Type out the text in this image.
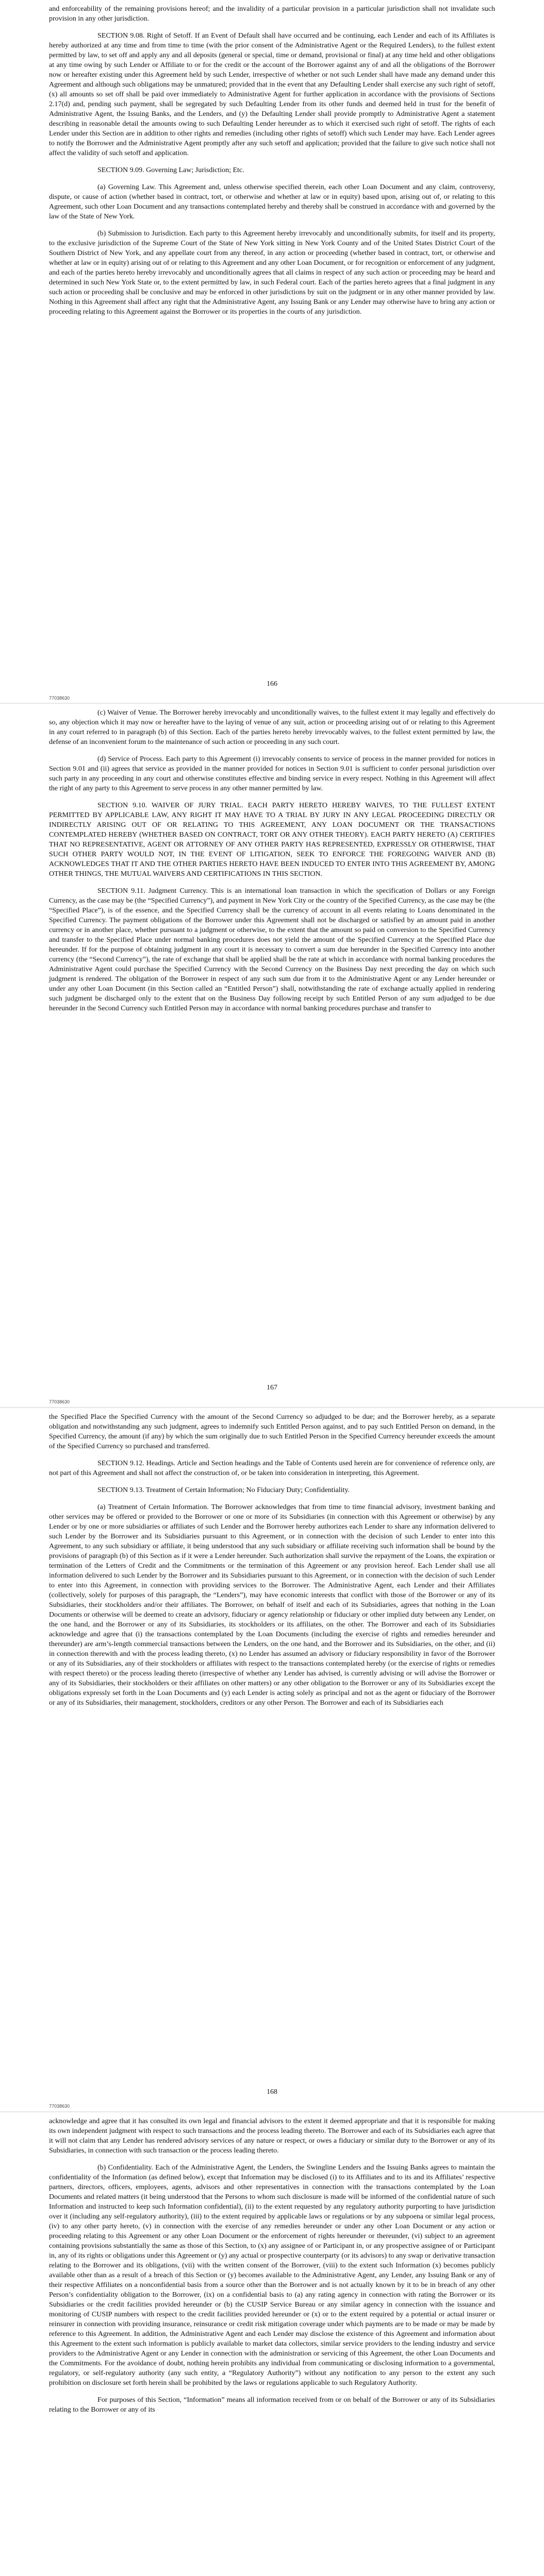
and enforceability of the remaining provisions hereof; and the invalidity of a particular provision in a particular jurisdiction shall not invalidate such provision in any other jurisdiction.

SECTION 9.08. Right of Setoff. If an Event of Default shall have occurred and be continuing, each Lender and each of its Affiliates is hereby authorized at any time and from time to time (with the prior consent of the Administrative Agent or the Required Lenders), to the fullest extent permitted by law, to set off and apply any and all deposits (general or special, time or demand, provisional or final) at any time held and other obligations at any time owing by such Lender or Affiliate to or for the credit or the account of the Borrower against any of and all the obligations of the Borrower now or hereafter existing under this Agreement held by such Lender, irrespective of whether or not such Lender shall have made any demand under this Agreement and although such obligations may be unmatured; provided that in the event that any Defaulting Lender shall exercise any such right of setoff, (x) all amounts so set off shall be paid over immediately to Administrative Agent for further application in accordance with the provisions of Sections 2.17(d) and, pending such payment, shall be segregated by such Defaulting Lender from its other funds and deemed held in trust for the benefit of Administrative Agent, the Issuing Banks, and the Lenders, and (y) the Defaulting Lender shall provide promptly to Administrative Agent a statement describing in reasonable detail the amounts owing to such Defaulting Lender hereunder as to which it exercised such right of setoff. The rights of each Lender under this Section are in addition to other rights and remedies (including other rights of setoff) which such Lender may have. Each Lender agrees to notify the Borrower and the Administrative Agent promptly after any such setoff and application; provided that the failure to give such notice shall not affect the validity of such setoff and application.

SECTION 9.09. Governing Law; Jurisdiction; Etc.

(a) Governing Law. This Agreement and, unless otherwise specified therein, each other Loan Document and any claim, controversy, dispute, or cause of action (whether based in contract, tort, or otherwise and whether at law or in equity) based upon, arising out of, or relating to this Agreement, such other Loan Document and any transactions contemplated hereby and thereby shall be construed in accordance with and governed by the law of the State of New York.

(b) Submission to Jurisdiction. Each party to this Agreement hereby irrevocably and unconditionally submits, for itself and its property, to the exclusive jurisdiction of the Supreme Court of the State of New York sitting in New York County and of the United States District Court of the Southern District of New York, and any appellate court from any thereof, in any action or proceeding (whether based in contract, tort, or otherwise and whether at law or in equity) arising out of or relating to this Agreement and any other Loan Document, or for recognition or enforcement of any judgment, and each of the parties hereto hereby irrevocably and unconditionally agrees that all claims in respect of any such action or proceeding may be heard and determined in such New York State or, to the extent permitted by law, in such Federal court. Each of the parties hereto agrees that a final judgment in any such action or proceeding shall be conclusive and may be enforced in other jurisdictions by suit on the judgment or in any other manner provided by law. Nothing in this Agreement shall affect any right that the Administrative Agent, any Issuing Bank or any Lender may otherwise have to bring any action or proceeding relating to this Agreement against the Borrower or its properties in the courts of any jurisdiction.

166
77038630

(c) Waiver of Venue. The Borrower hereby irrevocably and unconditionally waives, to the fullest extent it may legally and effectively do so, any objection which it may now or hereafter have to the laying of venue of any suit, action or proceeding arising out of or relating to this Agreement in any court referred to in paragraph (b) of this Section. Each of the parties hereto hereby irrevocably waives, to the fullest extent permitted by law, the defense of an inconvenient forum to the maintenance of such action or proceeding in any such court.

(d) Service of Process. Each party to this Agreement (i) irrevocably consents to service of process in the manner provided for notices in Section 9.01 and (ii) agrees that service as provided in the manner provided for notices in Section 9.01 is sufficient to confer personal jurisdiction over such party in any proceeding in any court and otherwise constitutes effective and binding service in every respect. Nothing in this Agreement will affect the right of any party to this Agreement to serve process in any other manner permitted by law.

SECTION 9.10. WAIVER OF JURY TRIAL. EACH PARTY HERETO HEREBY WAIVES, TO THE FULLEST EXTENT PERMITTED BY APPLICABLE LAW, ANY RIGHT IT MAY HAVE TO A TRIAL BY JURY IN ANY LEGAL PROCEEDING DIRECTLY OR INDIRECTLY ARISING OUT OF OR RELATING TO THIS AGREEMENT, ANY LOAN DOCUMENT OR THE TRANSACTIONS CONTEMPLATED HEREBY (WHETHER BASED ON CONTRACT, TORT OR ANY OTHER THEORY). EACH PARTY HERETO (A) CERTIFIES THAT NO REPRESENTATIVE, AGENT OR ATTORNEY OF ANY OTHER PARTY HAS REPRESENTED, EXPRESSLY OR OTHERWISE, THAT SUCH OTHER PARTY WOULD NOT, IN THE EVENT OF LITIGATION, SEEK TO ENFORCE THE FOREGOING WAIVER AND (B) ACKNOWLEDGES THAT IT AND THE OTHER PARTIES HERETO HAVE BEEN INDUCED TO ENTER INTO THIS AGREEMENT BY, AMONG OTHER THINGS, THE MUTUAL WAIVERS AND CERTIFICATIONS IN THIS SECTION.

SECTION 9.11. Judgment Currency. This is an international loan transaction in which the specification of Dollars or any Foreign Currency, as the case may be (the “Specified Currency”), and payment in New York City or the country of the Specified Currency, as the case may be (the “Specified Place”), is of the essence, and the Specified Currency shall be the currency of account in all events relating to Loans denominated in the Specified Currency. The payment obligations of the Borrower under this Agreement shall not be discharged or satisfied by an amount paid in another currency or in another place, whether pursuant to a judgment or otherwise, to the extent that the amount so paid on conversion to the Specified Currency and transfer to the Specified Place under normal banking procedures does not yield the amount of the Specified Currency at the Specified Place due hereunder. If for the purpose of obtaining judgment in any court it is necessary to convert a sum due hereunder in the Specified Currency into another currency (the “Second Currency”), the rate of exchange that shall be applied shall be the rate at which in accordance with normal banking procedures the Administrative Agent could purchase the Specified Currency with the Second Currency on the Business Day next preceding the day on which such judgment is rendered. The obligation of the Borrower in respect of any such sum due from it to the Administrative Agent or any Lender hereunder or under any other Loan Document (in this Section called an “Entitled Person”) shall, notwithstanding the rate of exchange actually applied in rendering such judgment be discharged only to the extent that on the Business Day following receipt by such Entitled Person of any sum adjudged to be due hereunder in the Second Currency such Entitled Person may in accordance with normal banking procedures purchase and transfer to

167
77038630

the Specified Place the Specified Currency with the amount of the Second Currency so adjudged to be due; and the Borrower hereby, as a separate obligation and notwithstanding any such judgment, agrees to indemnify such Entitled Person against, and to pay such Entitled Person on demand, in the Specified Currency, the amount (if any) by which the sum originally due to such Entitled Person in the Specified Currency hereunder exceeds the amount of the Specified Currency so purchased and transferred.

SECTION 9.12. Headings. Article and Section headings and the Table of Contents used herein are for convenience of reference only, are not part of this Agreement and shall not affect the construction of, or be taken into consideration in interpreting, this Agreement.

SECTION 9.13. Treatment of Certain Information; No Fiduciary Duty; Confidentiality.

(a) Treatment of Certain Information. The Borrower acknowledges that from time to time financial advisory, investment banking and other services may be offered or provided to the Borrower or one or more of its Subsidiaries (in connection with this Agreement or otherwise) by any Lender or by one or more subsidiaries or affiliates of such Lender and the Borrower hereby authorizes each Lender to share any information delivered to such Lender by the Borrower and its Subsidiaries pursuant to this Agreement, or in connection with the decision of such Lender to enter into this Agreement, to any such subsidiary or affiliate, it being understood that any such subsidiary or affiliate receiving such information shall be bound by the provisions of paragraph (b) of this Section as if it were a Lender hereunder. Such authorization shall survive the repayment of the Loans, the expiration or termination of the Letters of Credit and the Commitments or the termination of this Agreement or any provision hereof. Each Lender shall use all information delivered to such Lender by the Borrower and its Subsidiaries pursuant to this Agreement, or in connection with the decision of such Lender to enter into this Agreement, in connection with providing services to the Borrower. The Administrative Agent, each Lender and their Affiliates (collectively, solely for purposes of this paragraph, the “Lenders”), may have economic interests that conflict with those of the Borrower or any of its Subsidiaries, their stockholders and/or their affiliates. The Borrower, on behalf of itself and each of its Subsidiaries, agrees that nothing in the Loan Documents or otherwise will be deemed to create an advisory, fiduciary or agency relationship or fiduciary or other implied duty between any Lender, on the one hand, and the Borrower or any of its Subsidiaries, its stockholders or its affiliates, on the other. The Borrower and each of its Subsidiaries acknowledge and agree that (i) the transactions contemplated by the Loan Documents (including the exercise of rights and remedies hereunder and thereunder) are arm’s-length commercial transactions between the Lenders, on the one hand, and the Borrower and its Subsidiaries, on the other, and (ii) in connection therewith and with the process leading thereto, (x) no Lender has assumed an advisory or fiduciary responsibility in favor of the Borrower or any of its Subsidiaries, any of their stockholders or affiliates with respect to the transactions contemplated hereby (or the exercise of rights or remedies with respect thereto) or the process leading thereto (irrespective of whether any Lender has advised, is currently advising or will advise the Borrower or any of its Subsidiaries, their stockholders or their affiliates on other matters) or any other obligation to the Borrower or any of its Subsidiaries except the obligations expressly set forth in the Loan Documents and (y) each Lender is acting solely as principal and not as the agent or fiduciary of the Borrower or any of its Subsidiaries, their management, stockholders, creditors or any other Person. The Borrower and each of its Subsidiaries each

168
77038630

acknowledge and agree that it has consulted its own legal and financial advisors to the extent it deemed appropriate and that it is responsible for making its own independent judgment with respect to such transactions and the process leading thereto. The Borrower and each of its Subsidiaries each agree that it will not claim that any Lender has rendered advisory services of any nature or respect, or owes a fiduciary or similar duty to the Borrower or any of its Subsidiaries, in connection with such transaction or the process leading thereto.

(b) Confidentiality. Each of the Administrative Agent, the Lenders, the Swingline Lenders and the Issuing Banks agrees to maintain the confidentiality of the Information (as defined below), except that Information may be disclosed (i) to its Affiliates and to its and its Affiliates’ respective partners, directors, officers, employees, agents, advisors and other representatives in connection with the transactions contemplated by the Loan Documents and related matters (it being understood that the Persons to whom such disclosure is made will be informed of the confidential nature of such Information and instructed to keep such Information confidential), (ii) to the extent requested by any regulatory authority purporting to have jurisdiction over it (including any self-regulatory authority), (iii) to the extent required by applicable laws or regulations or by any subpoena or similar legal process, (iv) to any other party hereto, (v) in connection with the exercise of any remedies hereunder or under any other Loan Document or any action or proceeding relating to this Agreement or any other Loan Document or the enforcement of rights hereunder or thereunder, (vi) subject to an agreement containing provisions substantially the same as those of this Section, to (x) any assignee of or Participant in, or any prospective assignee of or Participant in, any of its rights or obligations under this Agreement or (y) any actual or prospective counterparty (or its advisors) to any swap or derivative transaction relating to the Borrower and its obligations, (vii) with the written consent of the Borrower, (viii) to the extent such Information (x) becomes publicly available other than as a result of a breach of this Section or (y) becomes available to the Administrative Agent, any Lender, any Issuing Bank or any of their respective Affiliates on a nonconfidential basis from a source other than the Borrower and is not actually known by it to be in breach of any other Person’s confidentiality obligation to the Borrower, (ix) on a confidential basis to (a) any rating agency in connection with rating the Borrower or its Subsidiaries or the credit facilities provided hereunder or (b) the CUSIP Service Bureau or any similar agency in connection with the issuance and monitoring of CUSIP numbers with respect to the credit facilities provided hereunder or (x) or to the extent required by a potential or actual insurer or reinsurer in connection with providing insurance, reinsurance or credit risk mitigation coverage under which payments are to be made or may be made by reference to this Agreement. In addition, the Administrative Agent and each Lender may disclose the existence of this Agreement and information about this Agreement to the extent such information is publicly available to market data collectors, similar service providers to the lending industry and service providers to the Administrative Agent or any Lender in connection with the administration or servicing of this Agreement, the other Loan Documents and the Commitments. For the avoidance of doubt, nothing herein prohibits any individual from communicating or disclosing information to a governmental, regulatory, or self-regulatory authority (any such entity, a “Regulatory Authority”) without any notification to any person to the extent any such prohibition on disclosure set forth herein shall be prohibited by the laws or regulations applicable to such Regulatory Authority.

For purposes of this Section, “Information” means all information received from or on behalf of the Borrower or any of its Subsidiaries relating to the Borrower or any of its
